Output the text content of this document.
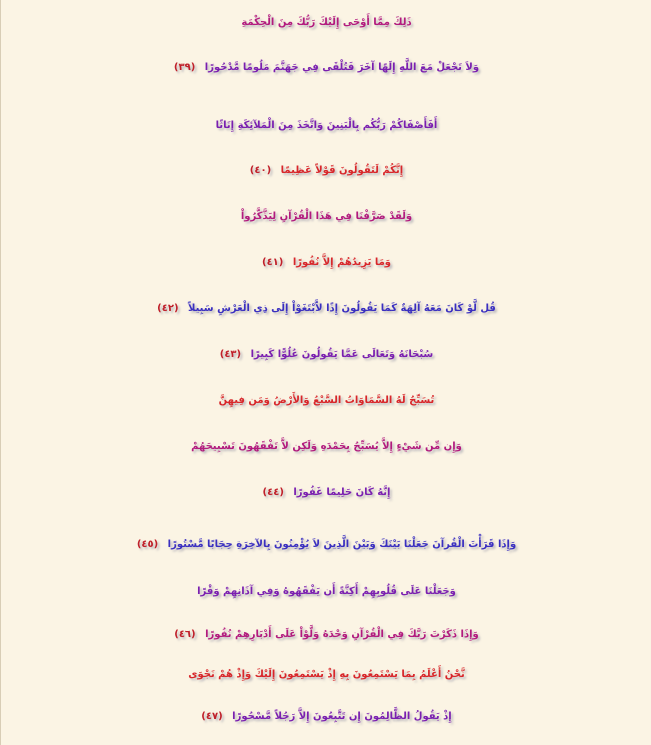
ذَلِكَ مِمَّا أَوْحَى إِلَيْكَ رَبُّكَ مِنَ الْحِكْمَةِ
وَلاَ تَجْعَلْ مَعَ اللَّهِ إِلَهًا آخَرَ فَتُلْقَى فِي جَهَنَّمَ مَلُومًا مَّدْحُورًا (٣٩)
أَفَأَصْفَاكُمْ رَبُّكُم بِالْبَنِينَ وَاتَّخَذَ مِنَ الْمَلآئِكَةِ إِنَاثًا
إِنَّكُمْ لَتَقُولُونَ قَوْلاً عَظِيمًا (٤٠)
وَلَقَدْ صَرَّفْنَا فِي هَذَا الْقُرْآنِ لِيَذَّكَّرُواْ
وَمَا يَزِيدُهُمْ إِلاَّ نُفُورًا (٤١)
قُل لَّوْ كَانَ مَعَهُ آلِهَةٌ كَمَا يَقُولُونَ إِذًا لاَّبْتَغَوْاْ إِلَى ذِي الْعَرْشِ سَبِيلاً (٤٢)
سُبْحَانَهُ وَتَعَالَى عَمَّا يَقُولُونَ عُلُوًّا كَبِيرًا (٤٣)
تُسَبِّحُ لَهُ السَّمَاوَاتُ السَّبْعُ وَالأَرْضُ وَمَن فِيهِنَّ
وَإِن مِّن شَيْءٍ إِلاَّ يُسَبِّحُ بِحَمْدَهِ وَلَكِن لاَّ تَفْقَهُونَ تَسْبِيحَهُمْ
إِنَّهُ كَانَ حَلِيمًا غَفُورًا (٤٤)
وَإِذَا قَرَأْتَ الْقُرآنَ جَعَلْنَا بَيْنَكَ وَبَيْنَ الَّذِينَ لاَ يُؤْمِنُونَ بِالآخِرَةِ حِجَابًا مَّسْتُورًا (٤٥)
وَجَعَلْنَا عَلَى قُلُوبِهِمْ أَكِنَّةً أَن يَفْقَهُوهُ وَفِي آذَانِهِمْ وَقْرًا
وَإِذَا ذَكَرْتَ رَبَّكَ فِي الْقُرْآنِ وَحْدَهُ وَلَّوْاْ عَلَى أَدْبَارِهِمْ نُفُورًا (٤٦)
نَّحْنُ أَعْلَمُ بِمَا يَسْتَمِعُونَ بِهِ إِذْ يَسْتَمِعُونَ إِلَيْكَ وَإِذْ هُمْ نَجْوَى
إِذْ يَقُولُ الظَّالِمُونَ إِن تَتَّبِعُونَ إِلاَّ رَجُلاً مَّسْحُورًا (٤٧)
